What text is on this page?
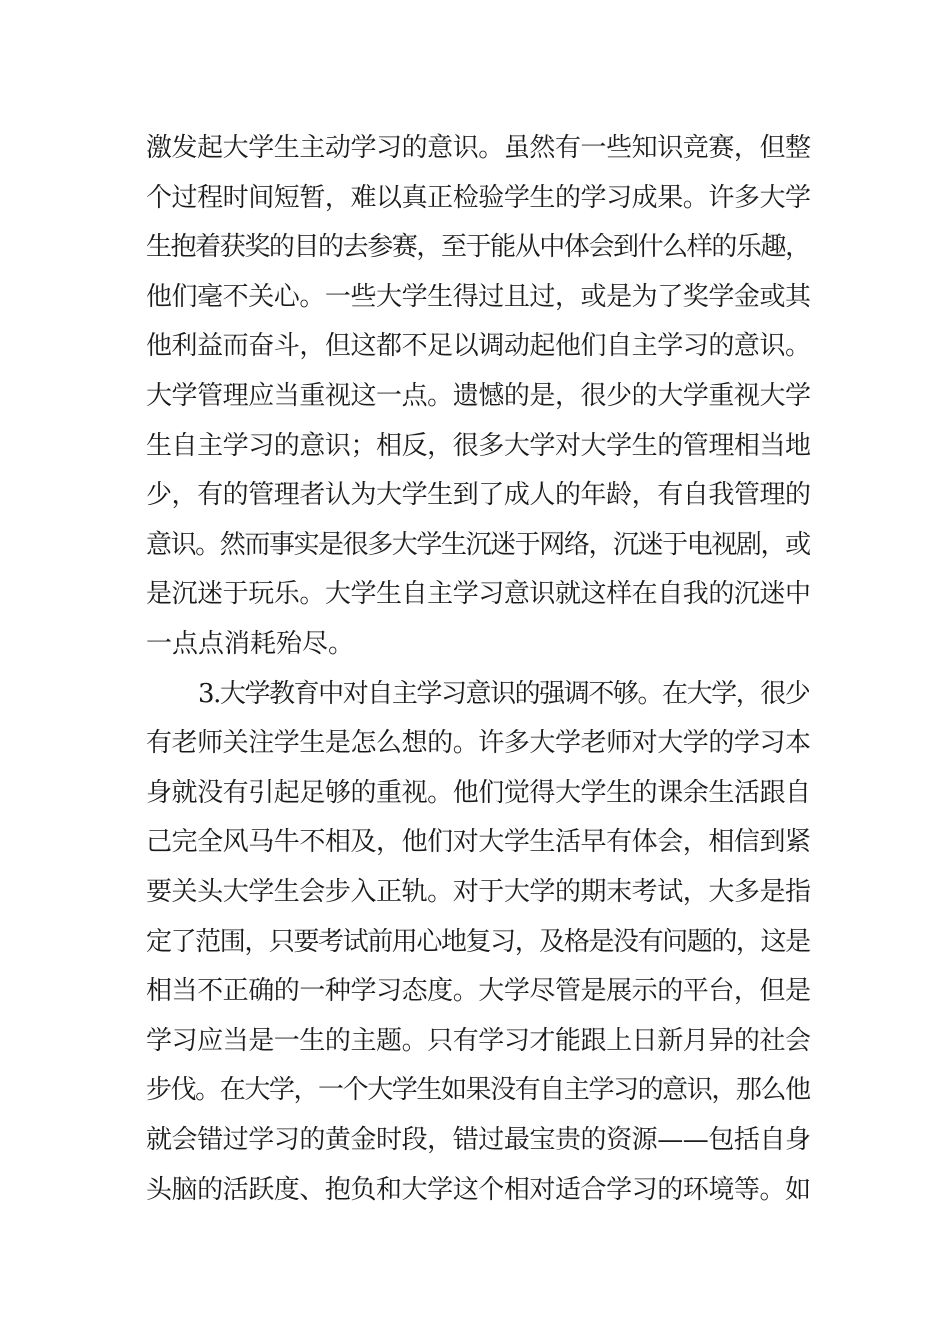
激发起大学生主动学习的意识。虽然有一些知识竞赛，但整
个过程时间短暂，难以真正检验学生的学习成果。许多大学
生抱着获奖的目的去参赛，至于能从中体会到什么样的乐趣，
他们毫不关心。一些大学生得过且过，或是为了奖学金或其
他利益而奋斗，但这都不足以调动起他们自主学习的意识。
大学管理应当重视这一点。遗憾的是，很少的大学重视大学
生自主学习的意识；相反，很多大学对大学生的管理相当地
少，有的管理者认为大学生到了成人的年龄，有自我管理的
意识。然而事实是很多大学生沉迷于网络，沉迷于电视剧，或
是沉迷于玩乐。大学生自主学习意识就这样在自我的沉迷中
一点点消耗殆尽。
3.大学教育中对自主学习意识的强调不够。在大学，很少
有老师关注学生是怎么想的。许多大学老师对大学的学习本
身就没有引起足够的重视。他们觉得大学生的课余生活跟自
己完全风马牛不相及，他们对大学生活早有体会，相信到紧
要关头大学生会步入正轨。对于大学的期末考试，大多是指
定了范围，只要考试前用心地复习，及格是没有问题的，这是
相当不正确的一种学习态度。大学尽管是展示的平台，但是
学习应当是一生的主题。只有学习才能跟上日新月异的社会
步伐。在大学，一个大学生如果没有自主学习的意识，那么他
就会错过学习的黄金时段，错过最宝贵的资源——包括自身
头脑的活跃度、抱负和大学这个相对适合学习的环境等。如
